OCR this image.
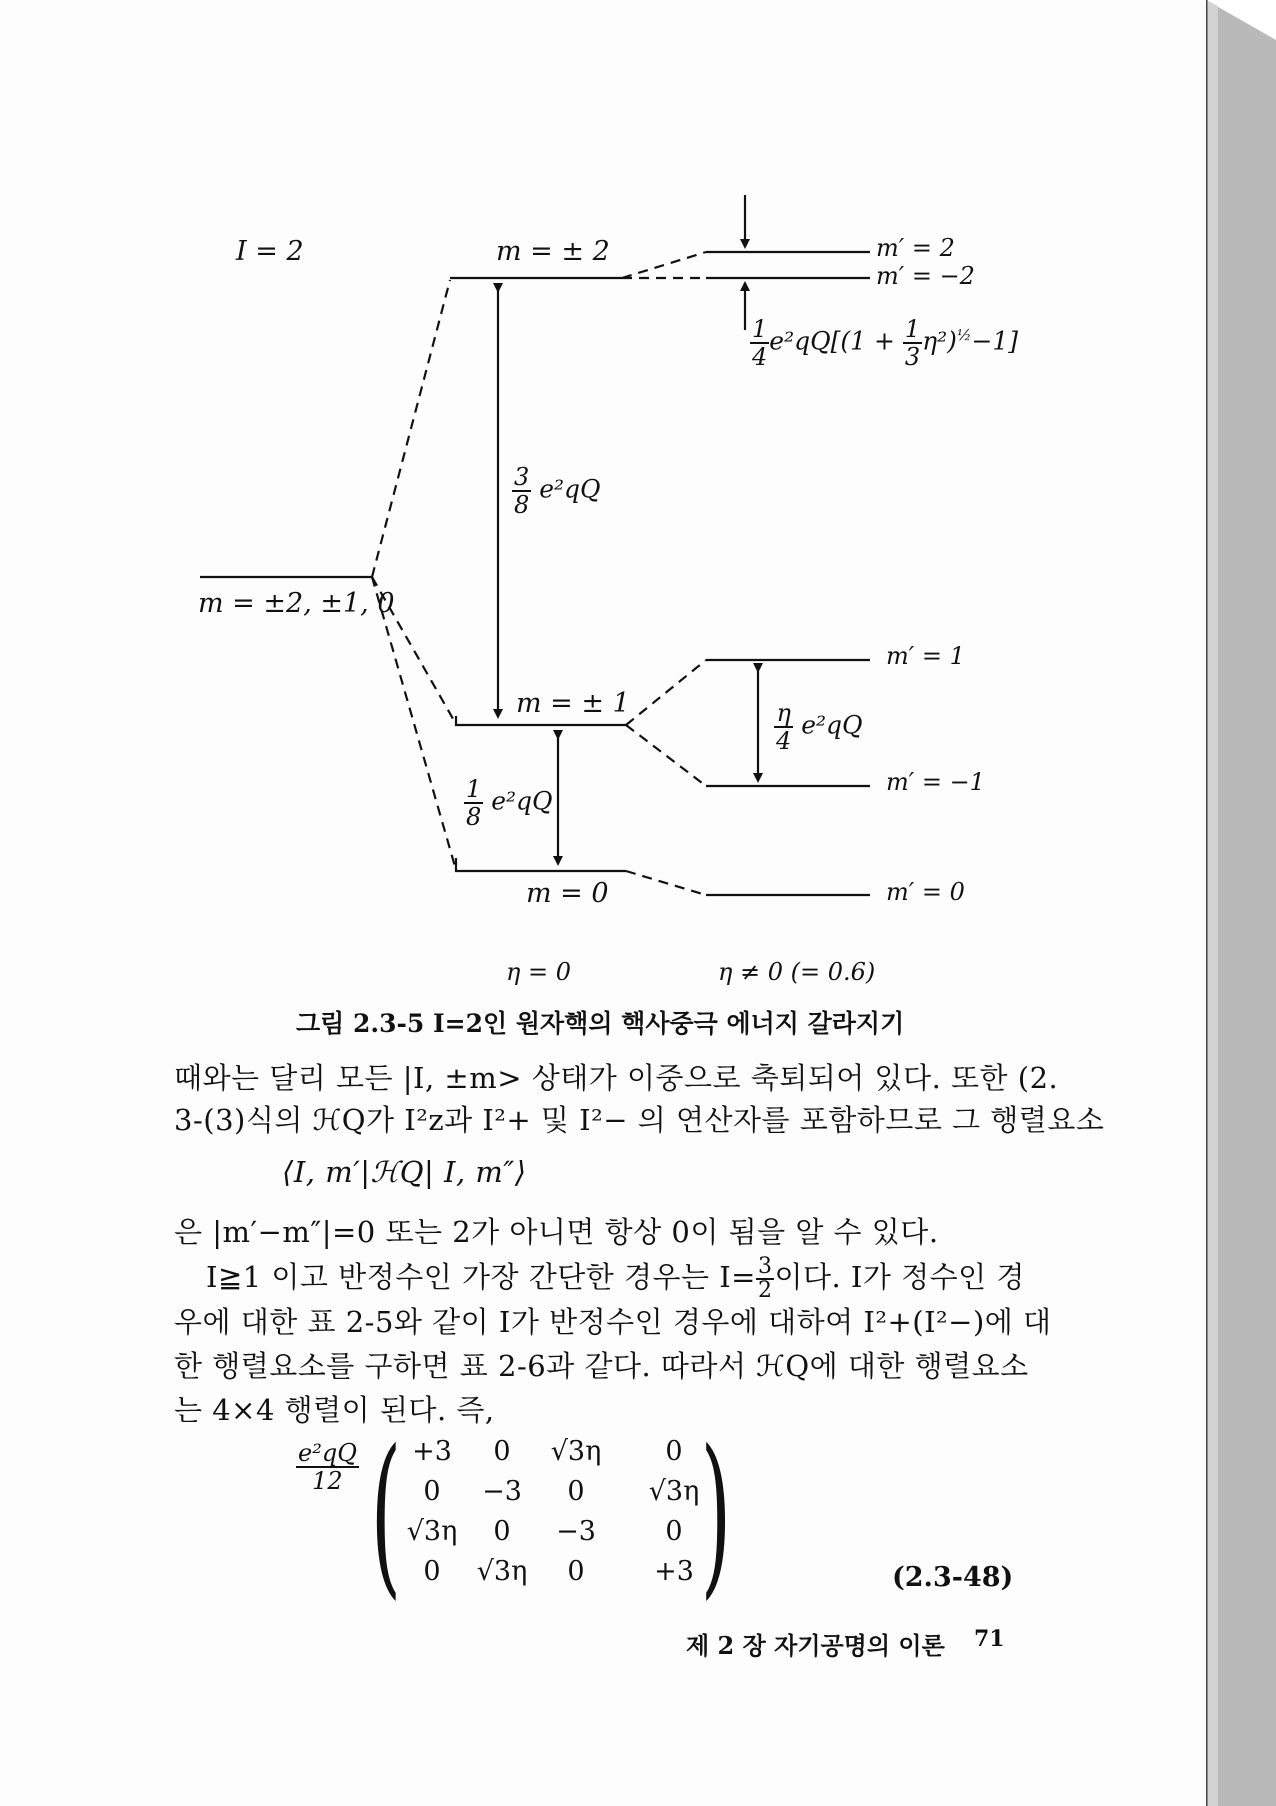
I = 2	m = ± 2	m′ = 2
m′ = −2
$\frac{1}{4} e^2qQ[(1 + \frac{1}{3} \eta^2)^{\frac{1}{2}}-1]$
$\frac{3}{8} e^2qQ$
m = ±2, ±1, 0
m′ = 1
m = ± 1	$\frac{\eta}{4} e^2qQ$
m′ = −1
$\frac{1}{8} e^2qQ$
m = 0	m′ = 0
η = 0	η ≠ 0 (= 0.6)
그림 2.3-5 I=2인 원자핵의 핵사중극 에너지 갈라지기
때와는 달리 모든 |I, ±m> 상태가 이중으로 축퇴되어 있다. 또한 (2.
3-(3)식의 ℋQ가 I²z과 I²+ 및 I²− 의 연산자를 포함하므로 그 행렬요소
⟨I, m′|ℋQ| I, m″⟩
은 |m′−m″|=0 또는 2가 아니면 항상 0이 됨을 알 수 있다.
I≧1 이고 반정수인 가장 간단한 경우는 $I= \frac{3}{2}$ 이다. I가 정수인 경
우에 대한 표 2-5와 같이 I가 반정수인 경우에 대하여 I²+(I²−)에 대
한 행렬요소를 구하면 표 2-6과 같다. 따라서 ℋQ에 대한 행렬요소
는 4×4 행렬이 된다. 즉,
$\frac{\text{e²qQ}}{12}$ ( )
+3	0	√3η	0
0	−3	0	√3η
√3η	0	−3	0
0	√3η	0	+3	(2.3-48)
제 2 장 자기공명의 이론 71
